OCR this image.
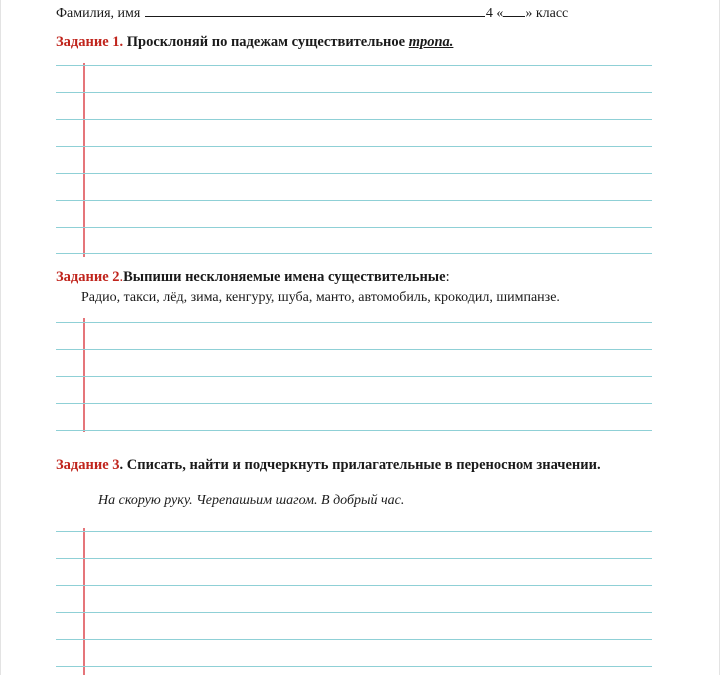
Фамилия, имя	4 « » класс
Задание 1. Просклоняй по падежам существительное тропа.
Задание 2.Выпиши несклоняемые имена существительные:
Радио, такси, лёд, зима, кенгуру, шуба, манто, автомобиль, крокодил, шимпанзе.
Задание 3. Списать, найти и подчеркнуть прилагательные в переносном значении.
На скорую руку. Черепашьим шагом. В добрый час.
